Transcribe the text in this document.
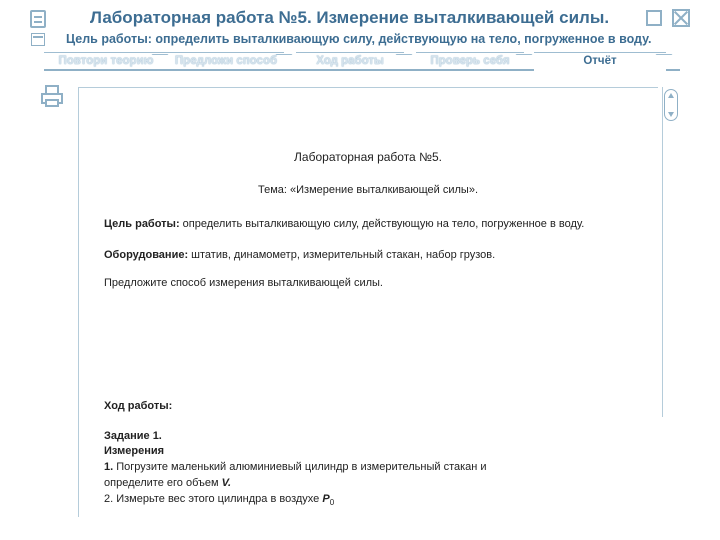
Лабораторная работа №5. Измерение выталкивающей силы.
Цель работы: определить выталкивающую силу, действующую на тело, погруженное в воду.
Повтори теорию	Предложи способ	Ход работы	Проверь себя	Отчёт
Лабораторная работа №5.
Тема: «Измерение выталкивающей силы».
Цель работы: определить выталкивающую силу, действующую на тело, погруженное в воду.
Оборудование: штатив, динамометр, измерительный стакан, набор грузов.
Предложите способ измерения выталкивающей силы.
Ход работы:
Задание 1.
Измерения
1. Погрузите маленький алюминиевый цилиндр в измерительный стакан и
определите его объем V.
2. Измерьте вес этого цилиндра в воздухе $P_0$
